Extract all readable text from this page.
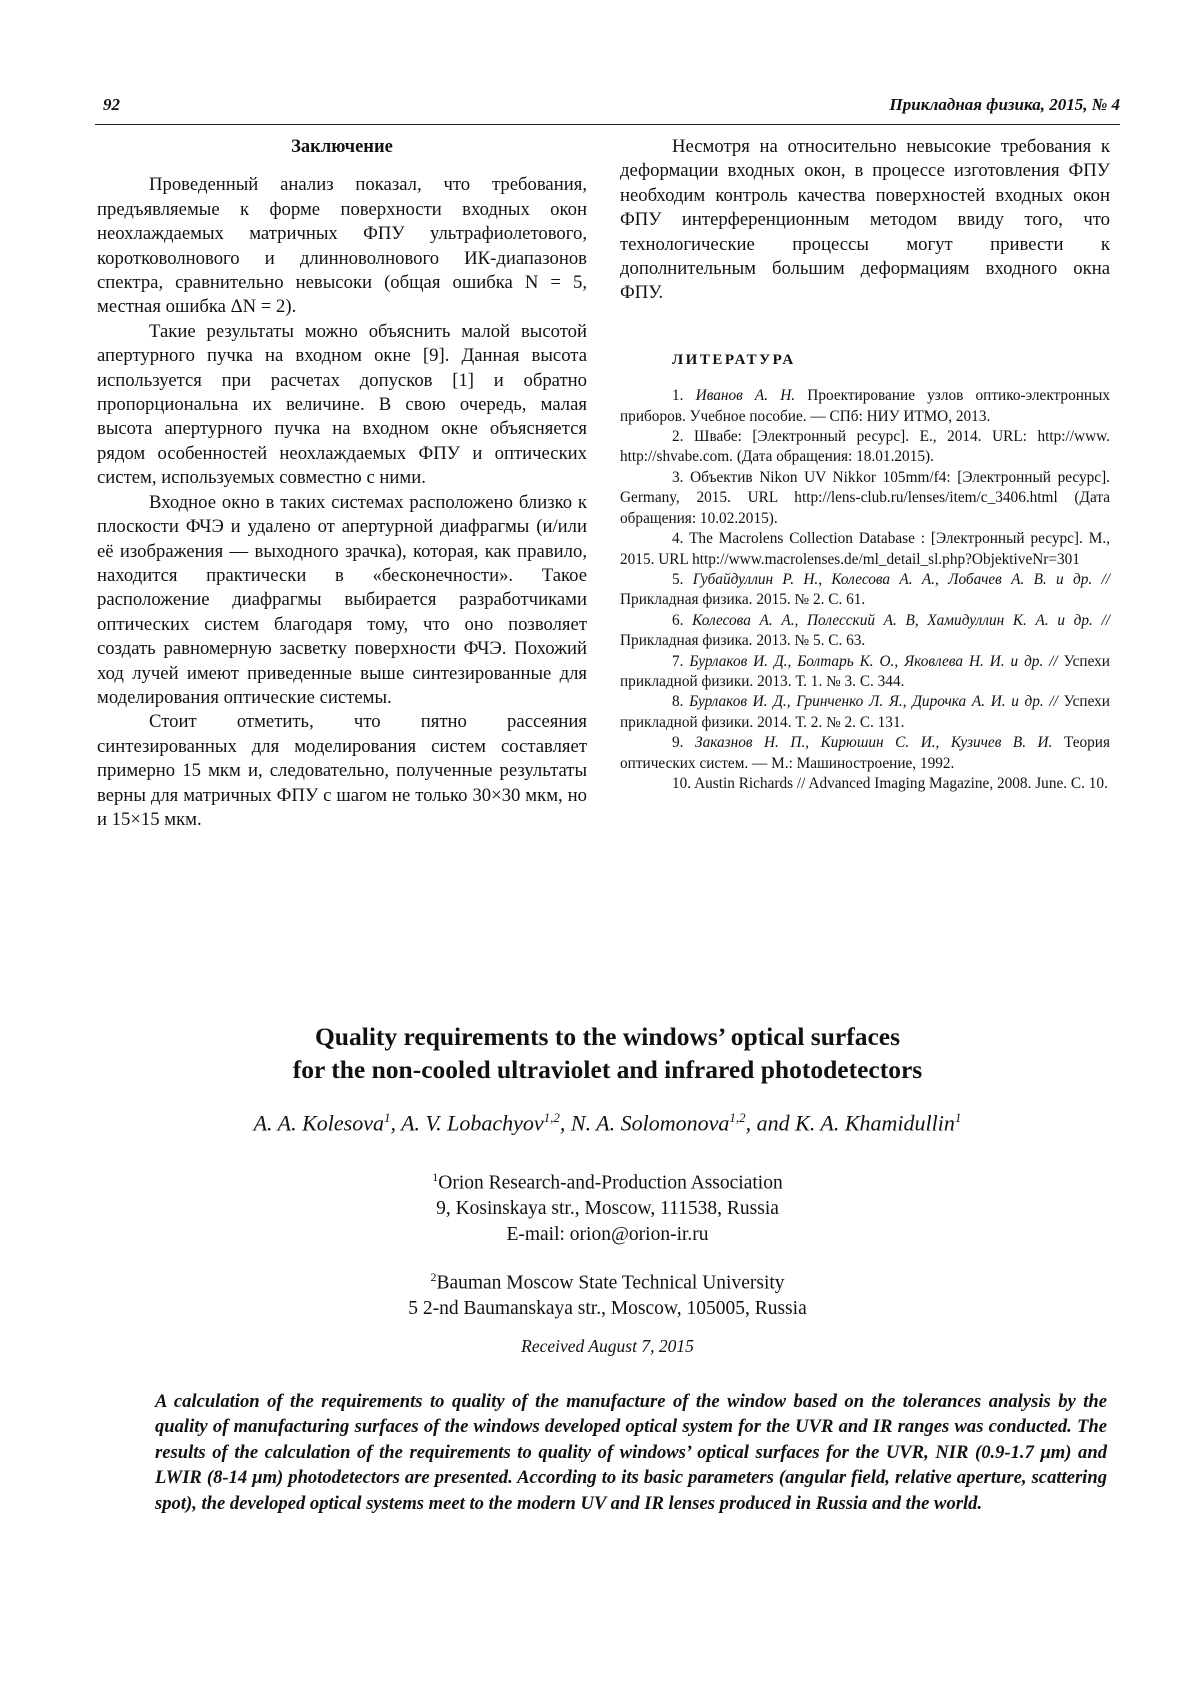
92	Прикладная физика, 2015, № 4
Заключение

Проведенный анализ показал, что требования, предъявляемые к форме поверхности входных окон неохлаждаемых матричных ФПУ ультрафиолетового, коротковолнового и длинноволнового ИК-диапазонов спектра, сравнительно невысоки (общая ошибка N = 5, местная ошибка ΔN = 2).

Такие результаты можно объяснить малой высотой апертурного пучка на входном окне [9]. Данная высота используется при расчетах допусков [1] и обратно пропорциональна их величине. В свою очередь, малая высота апертурного пучка на входном окне объясняется рядом особенностей неохлаждаемых ФПУ и оптических систем, используемых совместно с ними.

Входное окно в таких системах расположено близко к плоскости ФЧЭ и удалено от апертурной диафрагмы (и/или её изображения — выходного зрачка), которая, как правило, находится практически в «бесконечности». Такое расположение диафрагмы выбирается разработчиками оптических систем благодаря тому, что оно позволяет создать равномерную засветку поверхности ФЧЭ. Похожий ход лучей имеют приведенные выше синтезированные для моделирования оптические системы.

Стоит отметить, что пятно рассеяния синтезированных для моделирования систем составляет примерно 15 мкм и, следовательно, полученные результаты верны для матричных ФПУ с шагом не только 30×30 мкм, но и 15×15 мкм.

Несмотря на относительно невысокие требования к деформации входных окон, в процессе изготовления ФПУ необходим контроль качества поверхностей входных окон ФПУ интерференционным методом ввиду того, что технологические процессы могут привести к дополнительным большим деформациям входного окна ФПУ.

ЛИТЕРАТУРА

1. Иванов А. Н. Проектирование узлов оптико-электронных приборов. Учебное пособие. — СПб: НИУ ИТМО, 2013.

2. Швабе: [Электронный ресурс]. Е., 2014. URL: http://www. http://shvabe.com. (Дата обращения: 18.01.2015).

3. Объектив Nikon UV Nikkor 105mm/f4: [Электронный ресурс]. Germany, 2015. URL http://lens-club.ru/lenses/item/c_3406.html (Дата обращения: 10.02.2015).

4. The Macrolens Collection Database : [Электронный ресурс]. М., 2015. URL http://www.macrolenses.de/ml_detail_sl.php?ObjektiveNr=301

5. Губайдуллин Р. Н., Колесова А. А., Лобачев А. В. и др. // Прикладная физика. 2015. № 2. С. 61.

6. Колесова А. А., Полесский А. В, Хамидуллин К. А. и др. // Прикладная физика. 2013. № 5. С. 63.

7. Бурлаков И. Д., Болтарь К. О., Яковлева Н. И. и др. // Успехи прикладной физики. 2013. Т. 1. № 3. С. 344.

8. Бурлаков И. Д., Гринченко Л. Я., Дирочка А. И. и др. // Успехи прикладной физики. 2014. Т. 2. № 2. С. 131.

9. Заказнов Н. П., Кирюшин С. И., Кузичев В. И. Теория оптических систем. — М.: Машиностроение, 1992.

10. Austin Richards // Advanced Imaging Magazine, 2008. June. С. 10.

Quality requirements to the windows’ optical surfaces
for the non-cooled ultraviolet and infrared photodetectors
A. A. Kolesova$^1$, A. V. Lobachyov$^{1,2}$, N. A. Solomonova$^{1,2}$, and K. A. Khamidullin$^1$
$^1$Orion Research-and-Production Association
9, Kosinskaya str., Moscow, 111538, Russia
E-mail: orion@orion-ir.ru
$^2$Bauman Moscow State Technical University
5 2-nd Baumanskaya str., Moscow, 105005, Russia
Received August 7, 2015
A calculation of the requirements to quality of the manufacture of the window based on the tolerances analysis by the quality of manufacturing surfaces of the windows developed optical system for the UVR and IR ranges was conducted. The results of the calculation of the requirements to quality of windows’ optical surfaces for the UVR, NIR (0.9-1.7 μm) and LWIR (8-14 μm) photodetectors are presented. According to its basic parameters (angular field, relative aperture, scattering spot), the developed optical systems meet to the modern UV and IR lenses produced in Russia and the world.
